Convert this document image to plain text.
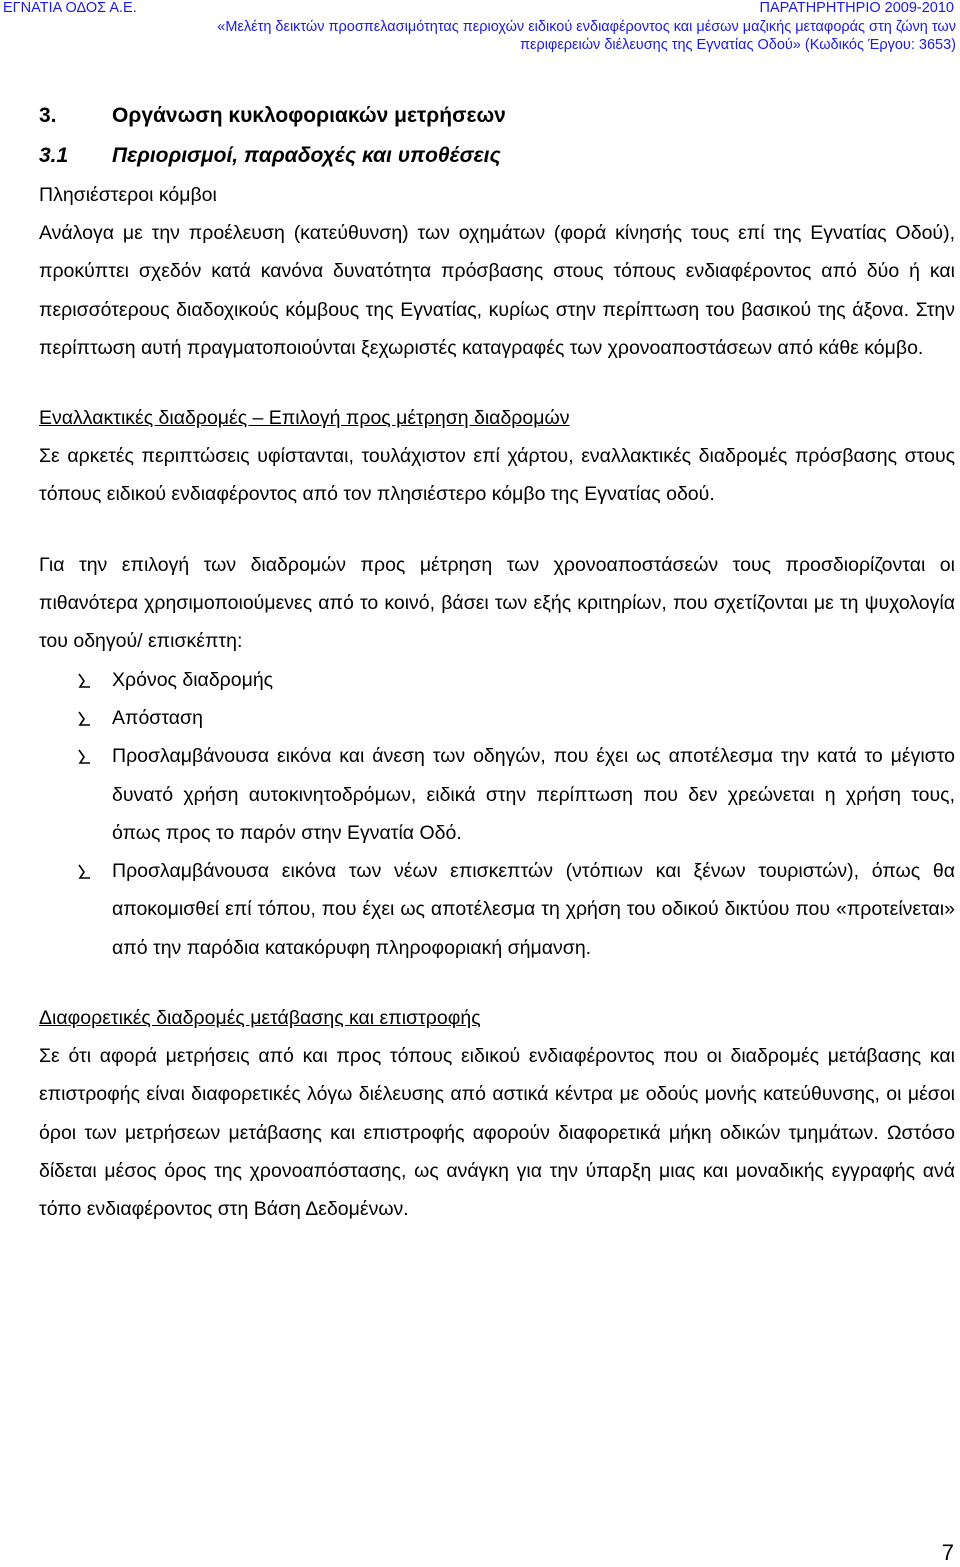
ΕΓΝΑΤΙΑ ΟΔΟΣ Α.Ε.	ΠΑΡΑΤΗΡΗΤΗΡΙΟ 2009-2010
«Μελέτη δεικτών προσπελασιμότητας περιοχών ειδικού ενδιαφέροντος και μέσων μαζικής μεταφοράς στη ζώνη των
περιφερειών διέλευσης της Εγνατίας Οδού» (Κωδικός Έργου: 3653)
3.	Οργάνωση κυκλοφοριακών μετρήσεων
3.1 Περιορισμοί, παραδοχές και υποθέσεις

Πλησιέστεροι κόμβοι

Ανάλογα με την προέλευση (κατεύθυνση) των οχημάτων (φορά κίνησής τους επί της Εγνατίας Οδού), προκύπτει σχεδόν κατά κανόνα δυνατότητα πρόσβασης στους τόπους ενδιαφέροντος από δύο ή και περισσότερους διαδοχικούς κόμβους της Εγνατίας, κυρίως στην περίπτωση του βασικού της άξονα. Στην περίπτωση αυτή πραγματοποιούνται ξεχωριστές καταγραφές των χρονοαποστάσεων από κάθε κόμβο.

Εναλλακτικές διαδρομές – Επιλογή προς μέτρηση διαδρομών

Σε αρκετές περιπτώσεις υφίστανται, τουλάχιστον επί χάρτου, εναλλακτικές διαδρομές πρόσβασης στους τόπους ειδικού ενδιαφέροντος από τον πλησιέστερο κόμβο της Εγνατίας οδού.

Για την επιλογή των διαδρομών προς μέτρηση των χρονοαποστάσεών τους προσδιορίζονται οι πιθανότερα χρησιμοποιούμενες από το κοινό, βάσει των εξής κριτηρίων, που σχετίζονται με τη ψυχολογία του οδηγού/ επισκέπτη:

Χρόνος διαδρομής
Απόσταση
Προσλαμβάνουσα εικόνα και άνεση των οδηγών, που έχει ως αποτέλεσμα την κατά το μέγιστο δυνατό χρήση αυτοκινητοδρόμων, ειδικά στην περίπτωση που δεν χρεώνεται η χρήση τους, όπως προς το παρόν στην Εγνατία Οδό.
Προσλαμβάνουσα εικόνα των νέων επισκεπτών (ντόπιων και ξένων τουριστών), όπως θα αποκομισθεί επί τόπου, που έχει ως αποτέλεσμα τη χρήση του οδικού δικτύου που «προτείνεται» από την παρόδια κατακόρυφη πληροφοριακή σήμανση.

Διαφορετικές διαδρομές μετάβασης και επιστροφής

Σε ότι αφορά μετρήσεις από και προς τόπους ειδικού ενδιαφέροντος που οι διαδρομές μετάβασης και επιστροφής είναι διαφορετικές λόγω διέλευσης από αστικά κέντρα με οδούς μονής κατεύθυνσης, οι μέσοι όροι των μετρήσεων μετάβασης και επιστροφής αφορούν διαφορετικά μήκη οδικών τμημάτων. Ωστόσο δίδεται μέσος όρος της χρονοαπόστασης, ως ανάγκη για την ύπαρξη μιας και μοναδικής εγγραφής ανά τόπο ενδιαφέροντος στη Βάση Δεδομένων.

7
